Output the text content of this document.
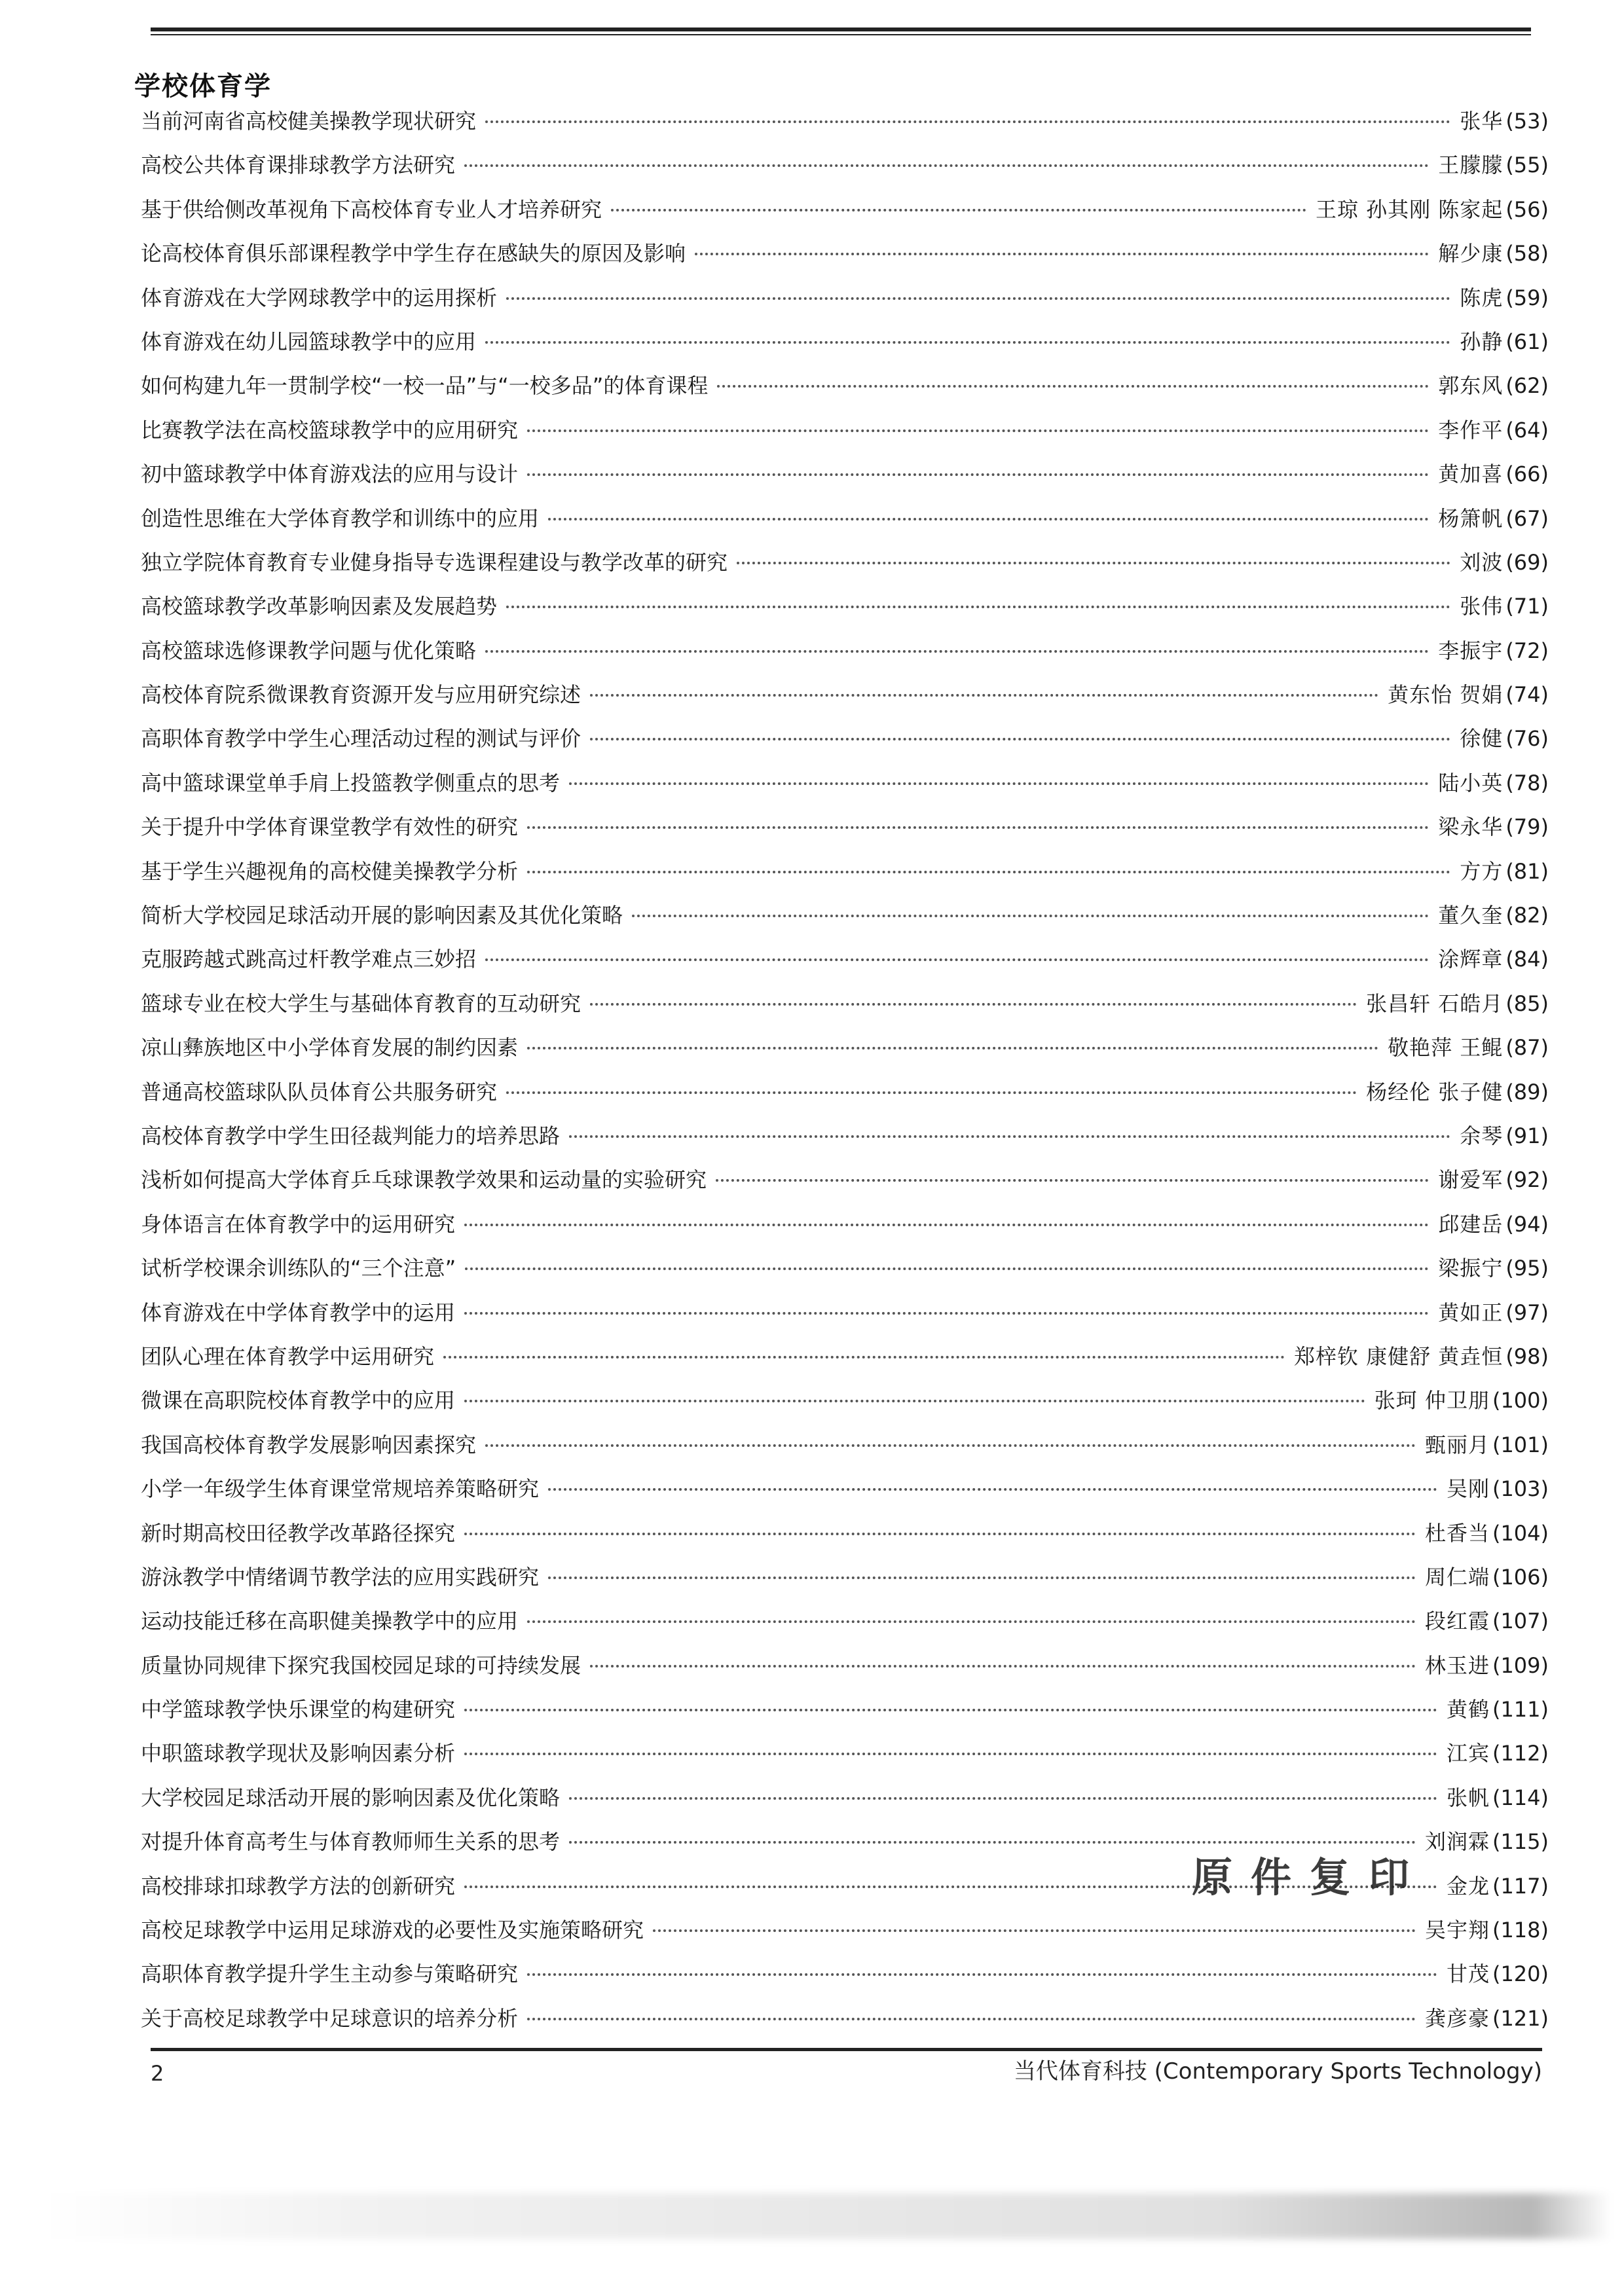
学校体育学
当前河南省高校健美操教学现状研究	张华 (53)
高校公共体育课排球教学方法研究	王朦朦 (55)
基于供给侧改革视角下高校体育专业人才培养研究	王琼 孙其刚 陈家起 (56)
论高校体育俱乐部课程教学中学生存在感缺失的原因及影响	解少康 (58)
体育游戏在大学网球教学中的运用探析	陈虎 (59)
体育游戏在幼儿园篮球教学中的应用	孙静 (61)
如何构建九年一贯制学校“一校一品”与“一校多品”的体育课程	郭东风 (62)
比赛教学法在高校篮球教学中的应用研究	李作平 (64)
初中篮球教学中体育游戏法的应用与设计	黄加喜 (66)
创造性思维在大学体育教学和训练中的应用	杨箫帆 (67)
独立学院体育教育专业健身指导专选课程建设与教学改革的研究	刘波 (69)
高校篮球教学改革影响因素及发展趋势	张伟 (71)
高校篮球选修课教学问题与优化策略	李振宇 (72)
高校体育院系微课教育资源开发与应用研究综述	黄东怡 贺娟 (74)
高职体育教学中学生心理活动过程的测试与评价	徐健 (76)
高中篮球课堂单手肩上投篮教学侧重点的思考	陆小英 (78)
关于提升中学体育课堂教学有效性的研究	梁永华 (79)
基于学生兴趣视角的高校健美操教学分析	方方 (81)
简析大学校园足球活动开展的影响因素及其优化策略	董久奎 (82)
克服跨越式跳高过杆教学难点三妙招	涂辉章 (84)
篮球专业在校大学生与基础体育教育的互动研究	张昌轩 石皓月 (85)
凉山彝族地区中小学体育发展的制约因素	敬艳萍 王鲲 (87)
普通高校篮球队队员体育公共服务研究	杨经伦 张子健 (89)
高校体育教学中学生田径裁判能力的培养思路	余琴 (91)
浅析如何提高大学体育乒乓球课教学效果和运动量的实验研究	谢爱军 (92)
身体语言在体育教学中的运用研究	邱建岳 (94)
试析学校课余训练队的“三个注意”	梁振宁 (95)
体育游戏在中学体育教学中的运用	黄如正 (97)
团队心理在体育教学中运用研究	郑梓钦 康健舒 黄垚恒 (98)
微课在高职院校体育教学中的应用	张珂 仲卫朋 (100)
我国高校体育教学发展影响因素探究	甄丽月 (101)
小学一年级学生体育课堂常规培养策略研究	吴刚 (103)
新时期高校田径教学改革路径探究	杜香当 (104)
游泳教学中情绪调节教学法的应用实践研究	周仁端 (106)
运动技能迁移在高职健美操教学中的应用	段红霞 (107)
质量协同规律下探究我国校园足球的可持续发展	林玉进 (109)
中学篮球教学快乐课堂的构建研究	黄鹤 (111)
中职篮球教学现状及影响因素分析	江宾 (112)
大学校园足球活动开展的影响因素及优化策略	张帆 (114)
对提升体育高考生与体育教师师生关系的思考	刘润霖 (115)
高校排球扣球教学方法的创新研究	金龙 (117)
高校足球教学中运用足球游戏的必要性及实施策略研究	吴宇翔 (118)
高职体育教学提升学生主动参与策略研究	甘茂 (120)
关于高校足球教学中足球意识的培养分析	龚彦豪 (121)
原件复印
2	当代体育科技 (Contemporary Sports Technology)
